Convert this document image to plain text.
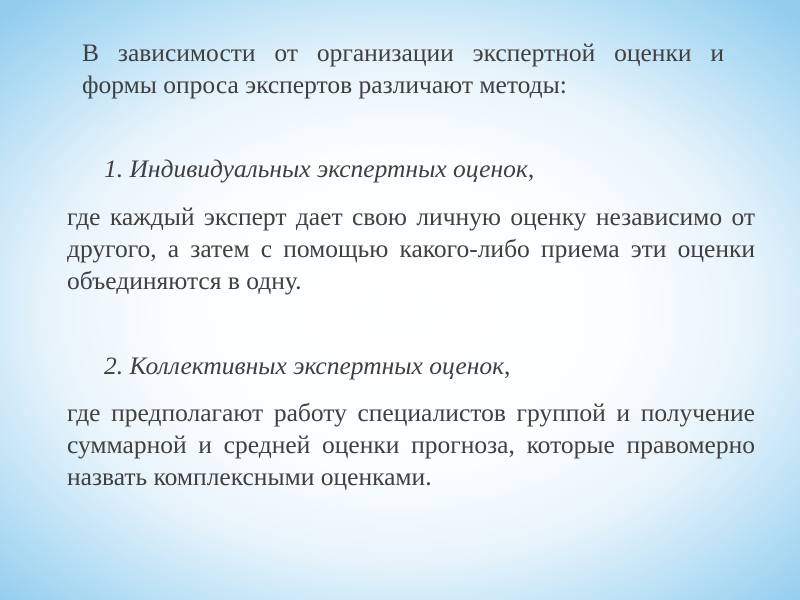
В зависимости от организации экспертной оценки и формы опроса экспертов различают методы:

1. Индивидуальных экспертных оценок,

где каждый эксперт дает свою личную оценку независимо от другого, а затем с помощью какого-либо приема эти оценки объединяются в одну.

2. Коллективных экспертных оценок,

где предполагают работу специалистов группой и получение суммарной и средней оценки прогноза, которые правомерно назвать комплексными оценками.
